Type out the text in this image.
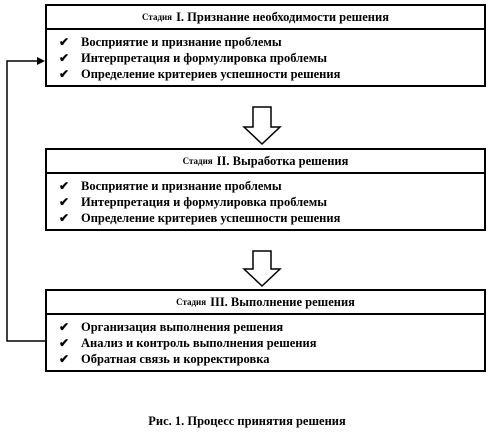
Стадия I. Признание необходимости решения
✔ Восприятие и признание проблемы
✔ Интерпретация и формулировка проблемы
✔ Определение критериев успешности решения
Стадия II. Выработка решения
✔ Восприятие и признание проблемы
✔ Интерпретация и формулировка проблемы
✔ Определение критериев успешности решения
Стадия III. Выполнение решения
✔ Организация выполнения решения
✔ Анализ и контроль выполнения решения
✔ Обратная связь и корректировка
Рис. 1. Процесс принятия решения
